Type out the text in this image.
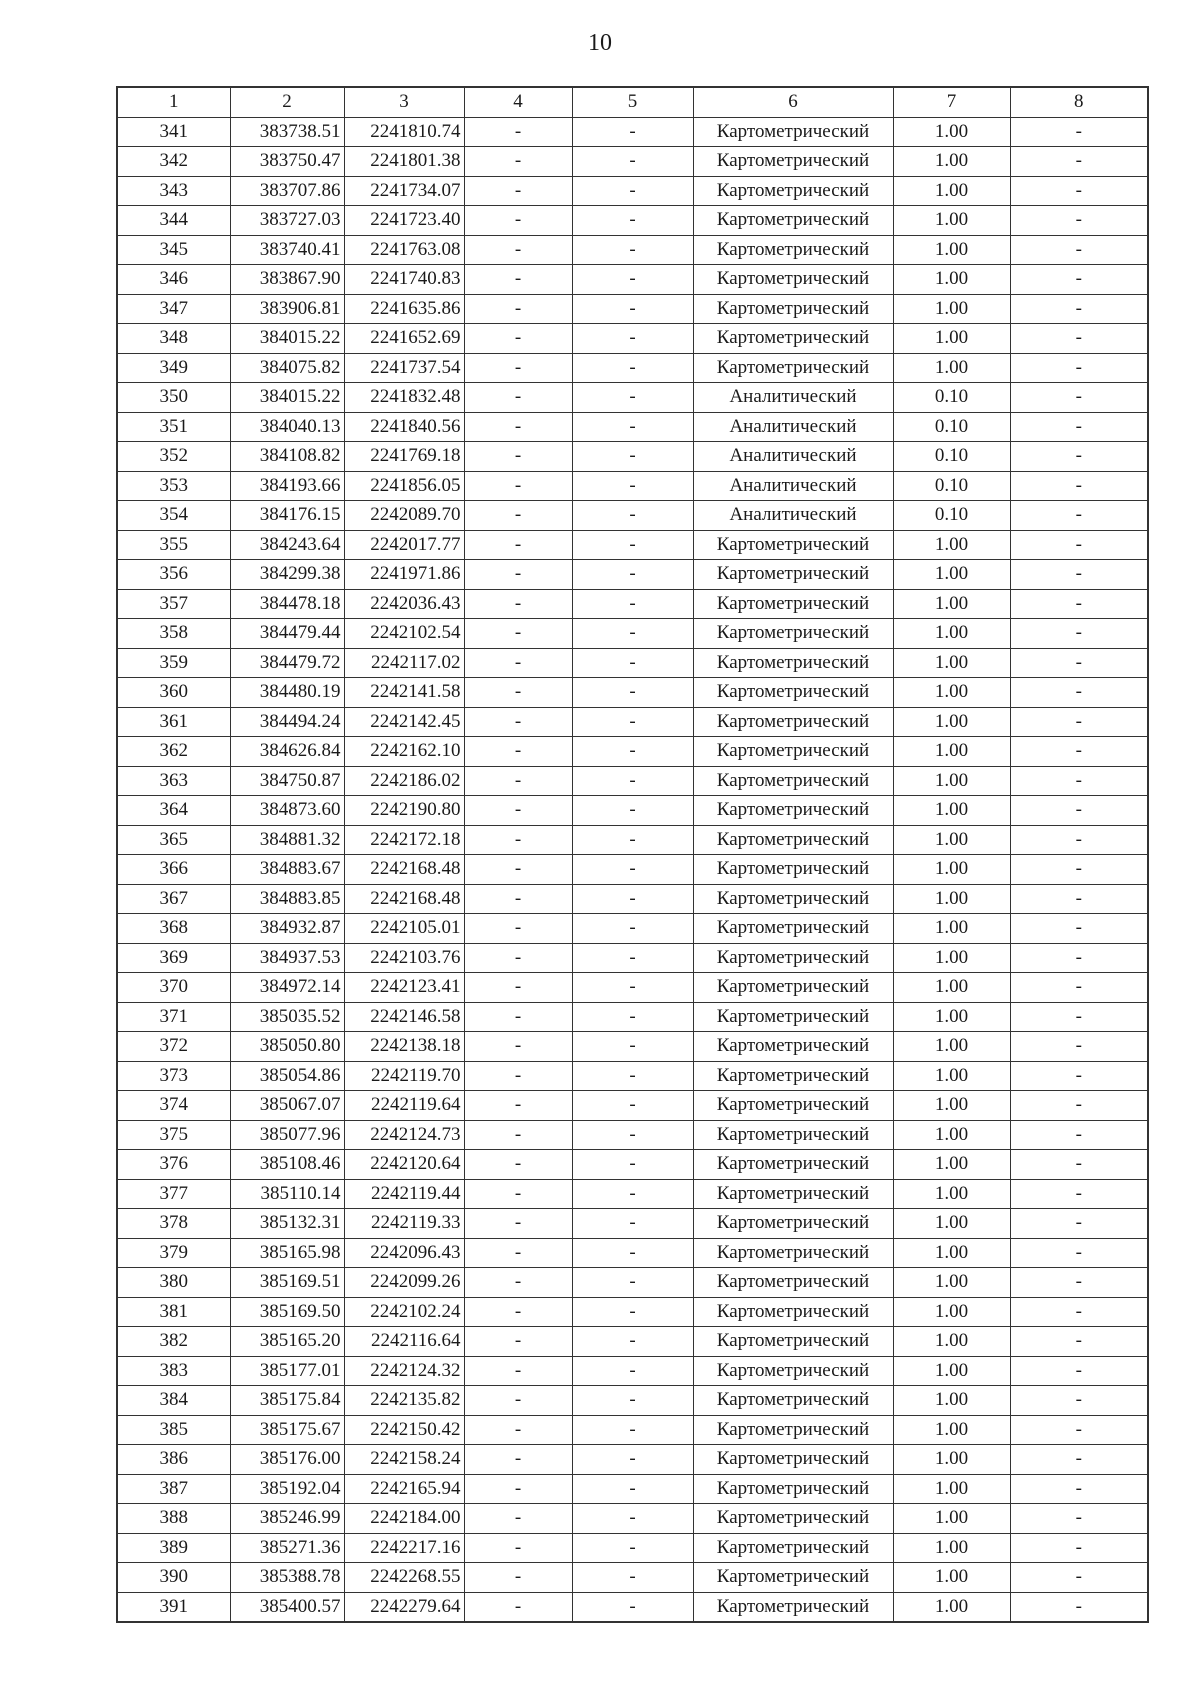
10
1	2	3	4	5	6	7	8
341	383738.51	2241810.74	-	-	Картометрический	1.00	-
342	383750.47	2241801.38	-	-	Картометрический	1.00	-
343	383707.86	2241734.07	-	-	Картометрический	1.00	-
344	383727.03	2241723.40	-	-	Картометрический	1.00	-
345	383740.41	2241763.08	-	-	Картометрический	1.00	-
346	383867.90	2241740.83	-	-	Картометрический	1.00	-
347	383906.81	2241635.86	-	-	Картометрический	1.00	-
348	384015.22	2241652.69	-	-	Картометрический	1.00	-
349	384075.82	2241737.54	-	-	Картометрический	1.00	-
350	384015.22	2241832.48	-	-	Аналитический	0.10	-
351	384040.13	2241840.56	-	-	Аналитический	0.10	-
352	384108.82	2241769.18	-	-	Аналитический	0.10	-
353	384193.66	2241856.05	-	-	Аналитический	0.10	-
354	384176.15	2242089.70	-	-	Аналитический	0.10	-
355	384243.64	2242017.77	-	-	Картометрический	1.00	-
356	384299.38	2241971.86	-	-	Картометрический	1.00	-
357	384478.18	2242036.43	-	-	Картометрический	1.00	-
358	384479.44	2242102.54	-	-	Картометрический	1.00	-
359	384479.72	2242117.02	-	-	Картометрический	1.00	-
360	384480.19	2242141.58	-	-	Картометрический	1.00	-
361	384494.24	2242142.45	-	-	Картометрический	1.00	-
362	384626.84	2242162.10	-	-	Картометрический	1.00	-
363	384750.87	2242186.02	-	-	Картометрический	1.00	-
364	384873.60	2242190.80	-	-	Картометрический	1.00	-
365	384881.32	2242172.18	-	-	Картометрический	1.00	-
366	384883.67	2242168.48	-	-	Картометрический	1.00	-
367	384883.85	2242168.48	-	-	Картометрический	1.00	-
368	384932.87	2242105.01	-	-	Картометрический	1.00	-
369	384937.53	2242103.76	-	-	Картометрический	1.00	-
370	384972.14	2242123.41	-	-	Картометрический	1.00	-
371	385035.52	2242146.58	-	-	Картометрический	1.00	-
372	385050.80	2242138.18	-	-	Картометрический	1.00	-
373	385054.86	2242119.70	-	-	Картометрический	1.00	-
374	385067.07	2242119.64	-	-	Картометрический	1.00	-
375	385077.96	2242124.73	-	-	Картометрический	1.00	-
376	385108.46	2242120.64	-	-	Картометрический	1.00	-
377	385110.14	2242119.44	-	-	Картометрический	1.00	-
378	385132.31	2242119.33	-	-	Картометрический	1.00	-
379	385165.98	2242096.43	-	-	Картометрический	1.00	-
380	385169.51	2242099.26	-	-	Картометрический	1.00	-
381	385169.50	2242102.24	-	-	Картометрический	1.00	-
382	385165.20	2242116.64	-	-	Картометрический	1.00	-
383	385177.01	2242124.32	-	-	Картометрический	1.00	-
384	385175.84	2242135.82	-	-	Картометрический	1.00	-
385	385175.67	2242150.42	-	-	Картометрический	1.00	-
386	385176.00	2242158.24	-	-	Картометрический	1.00	-
387	385192.04	2242165.94	-	-	Картометрический	1.00	-
388	385246.99	2242184.00	-	-	Картометрический	1.00	-
389	385271.36	2242217.16	-	-	Картометрический	1.00	-
390	385388.78	2242268.55	-	-	Картометрический	1.00	-
391	385400.57	2242279.64	-	-	Картометрический	1.00	-
